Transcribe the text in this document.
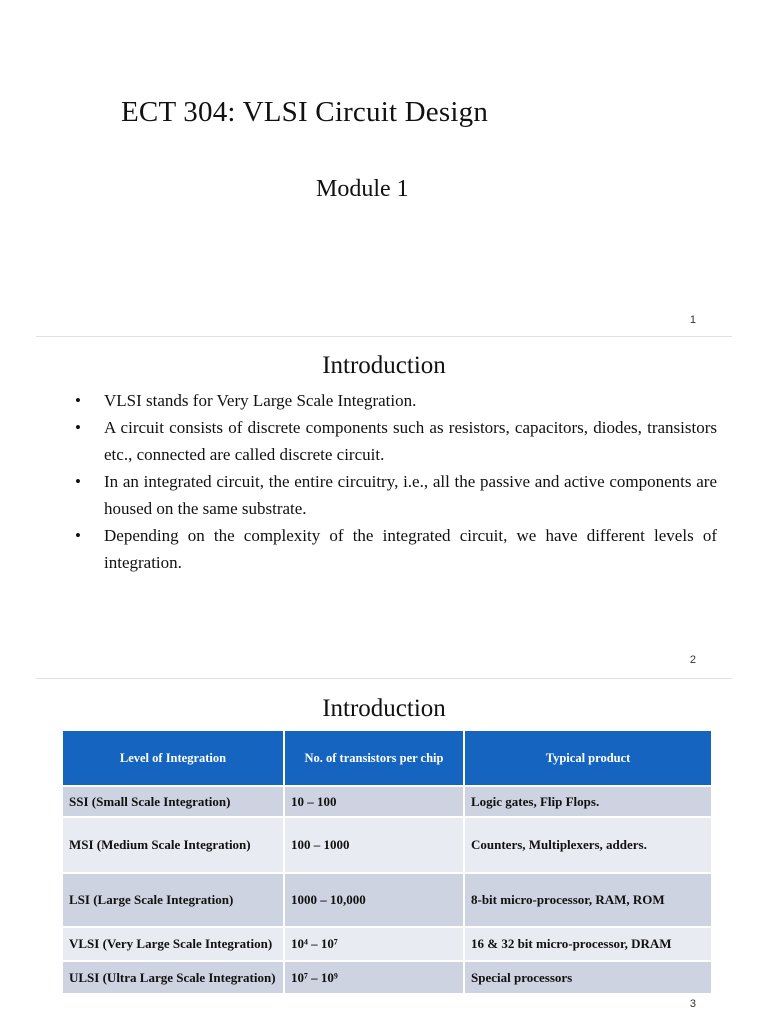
ECT 304: VLSI Circuit Design
Module 1
1
Introduction
• VLSI stands for Very Large Scale Integration.
• A circuit consists of discrete components such as resistors, capacitors, diodes, transistors etc., connected are called discrete circuit.
• In an integrated circuit, the entire circuitry, i.e., all the passive and active components are housed on the same substrate.
• Depending on the complexity of the integrated circuit, we have different levels of integration.
2
Introduction
Level of Integration	No. of transistors per chip	Typical product
SSI (Small Scale Integration)	10 – 100	Logic gates, Flip Flops.
MSI (Medium Scale Integration)	100 – 1000	Counters, Multiplexers, adders.
LSI (Large Scale Integration)	1000 – 10,000	8-bit micro-processor, RAM, ROM
VLSI (Very Large Scale Integration)	10⁴ – 10⁷	16 & 32 bit micro-processor, DRAM
ULSI (Ultra Large Scale Integration)	10⁷ – 10⁹	Special processors
3
